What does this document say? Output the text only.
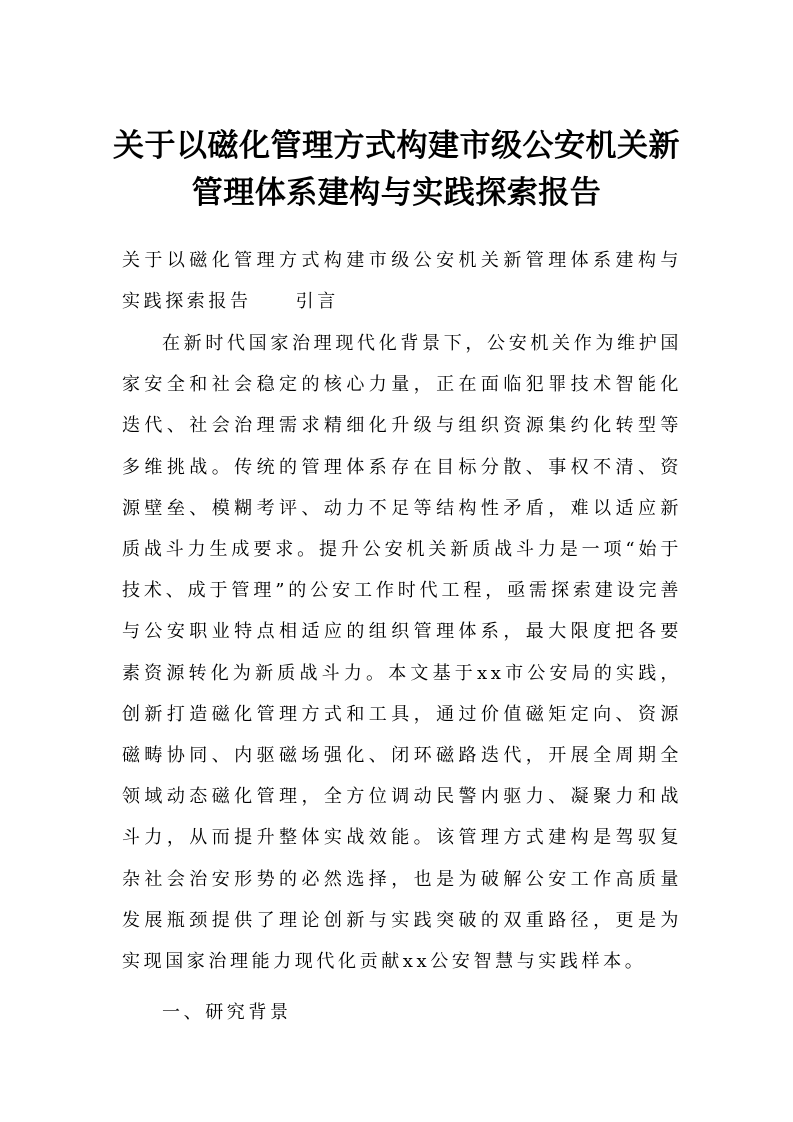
关于以磁化管理方式构建市级公安机关新
管理体系建构与实践探索报告
关于以磁化管理方式构建市级公安机关新管理体系建构与实践探索报告 引言
在新时代国家治理现代化背景下，公安机关作为维护国家安全和社会稳定的核心力量，正在面临犯罪技术智能化迭代、社会治理需求精细化升级与组织资源集约化转型等多维挑战。传统的管理体系存在目标分散、事权不清、资源壁垒、模糊考评、动力不足等结构性矛盾，难以适应新质战斗力生成要求。提升公安机关新质战斗力是一项“始于技术、成于管理”的公安工作时代工程，亟需探索建设完善与公安职业特点相适应的组织管理体系，最大限度把各要素资源转化为新质战斗力。本文基于xx市公安局的实践，创新打造磁化管理方式和工具，通过价值磁矩定向、资源磁畴协同、内驱磁场强化、闭环磁路迭代，开展全周期全领域动态磁化管理，全方位调动民警内驱力、凝聚力和战斗力，从而提升整体实战效能。该管理方式建构是驾驭复杂社会治安形势的必然选择，也是为破解公安工作高质量发展瓶颈提供了理论创新与实践突破的双重路径，更是为实现国家治理能力现代化贡献xx公安智慧与实践样本。
一、研究背景
